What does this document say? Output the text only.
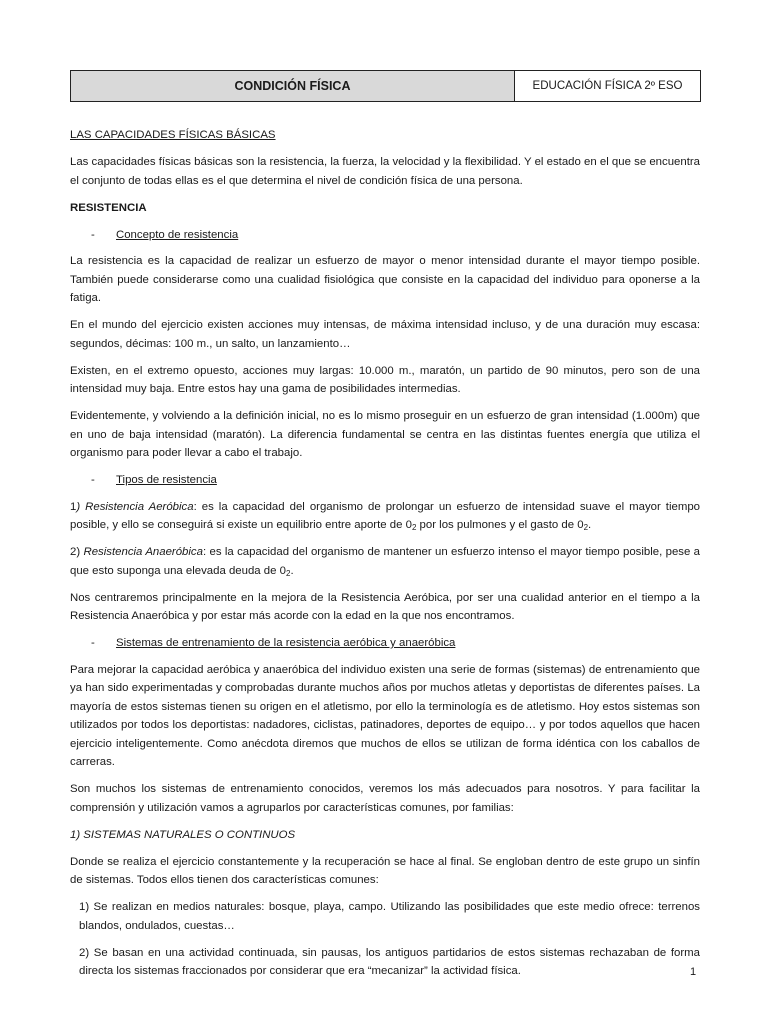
CONDICIÓN FÍSICA	EDUCACIÓN FÍSICA 2º ESO

LAS CAPACIDADES FÍSICAS BÁSICAS

Las capacidades físicas básicas son la resistencia, la fuerza, la velocidad y la flexibilidad. Y el estado en el que se encuentra el conjunto de todas ellas es el que determina el nivel de condición física de una persona.

RESISTENCIA

-	Concepto de resistencia

La resistencia es la capacidad de realizar un esfuerzo de mayor o menor intensidad durante el mayor tiempo posible. También puede considerarse como una cualidad fisiológica que consiste en la capacidad del individuo para oponerse a la fatiga.

En el mundo del ejercicio existen acciones muy intensas, de máxima intensidad incluso, y de una duración muy escasa: segundos, décimas: 100 m., un salto, un lanzamiento…

Existen, en el extremo opuesto, acciones muy largas: 10.000 m., maratón, un partido de 90 minutos, pero son de una intensidad muy baja. Entre estos hay una gama de posibilidades intermedias.

Evidentemente, y volviendo a la definición inicial, no es lo mismo proseguir en un esfuerzo de gran intensidad (1.000m) que en uno de baja intensidad (maratón). La diferencia fundamental se centra en las distintas fuentes energía que utiliza el organismo para poder llevar a cabo el trabajo.

-	Tipos de resistencia

1) Resistencia Aeróbica: es la capacidad del organismo de prolongar un esfuerzo de intensidad suave el mayor tiempo posible, y ello se conseguirá si existe un equilibrio entre aporte de $0_2$ por los pulmones y el gasto de $0_2$.

2) Resistencia Anaeróbica: es la capacidad del organismo de mantener un esfuerzo intenso el mayor tiempo posible, pese a que esto suponga una elevada deuda de $0_2$.

Nos centraremos principalmente en la mejora de la Resistencia Aeróbica, por ser una cualidad anterior en el tiempo a la Resistencia Anaeróbica y por estar más acorde con la edad en la que nos encontramos.

-	Sistemas de entrenamiento de la resistencia aeróbica y anaeróbica

Para mejorar la capacidad aeróbica y anaeróbica del individuo existen una serie de formas (sistemas) de entrenamiento que ya han sido experimentadas y comprobadas durante muchos años por muchos atletas y deportistas de diferentes países. La mayoría de estos sistemas tienen su origen en el atletismo, por ello la terminología es de atletismo. Hoy estos sistemas son utilizados por todos los deportistas: nadadores, ciclistas, patinadores, deportes de equipo… y por todos aquellos que hacen ejercicio inteligentemente. Como anécdota diremos que muchos de ellos se utilizan de forma idéntica con los caballos de carreras.

Son muchos los sistemas de entrenamiento conocidos, veremos los más adecuados para nosotros. Y para facilitar la comprensión y utilización vamos a agruparlos por características comunes, por familias:

1) SISTEMAS NATURALES O CONTINUOS

Donde se realiza el ejercicio constantemente y la recuperación se hace al final. Se engloban dentro de este grupo un sinfín de sistemas. Todos ellos tienen dos características comunes:

1) Se realizan en medios naturales: bosque, playa, campo. Utilizando las posibilidades que este medio ofrece: terrenos blandos, ondulados, cuestas…

2) Se basan en una actividad continuada, sin pausas, los antiguos partidarios de estos sistemas rechazaban de forma directa los sistemas fraccionados por considerar que era “mecanizar” la actividad física.	1
